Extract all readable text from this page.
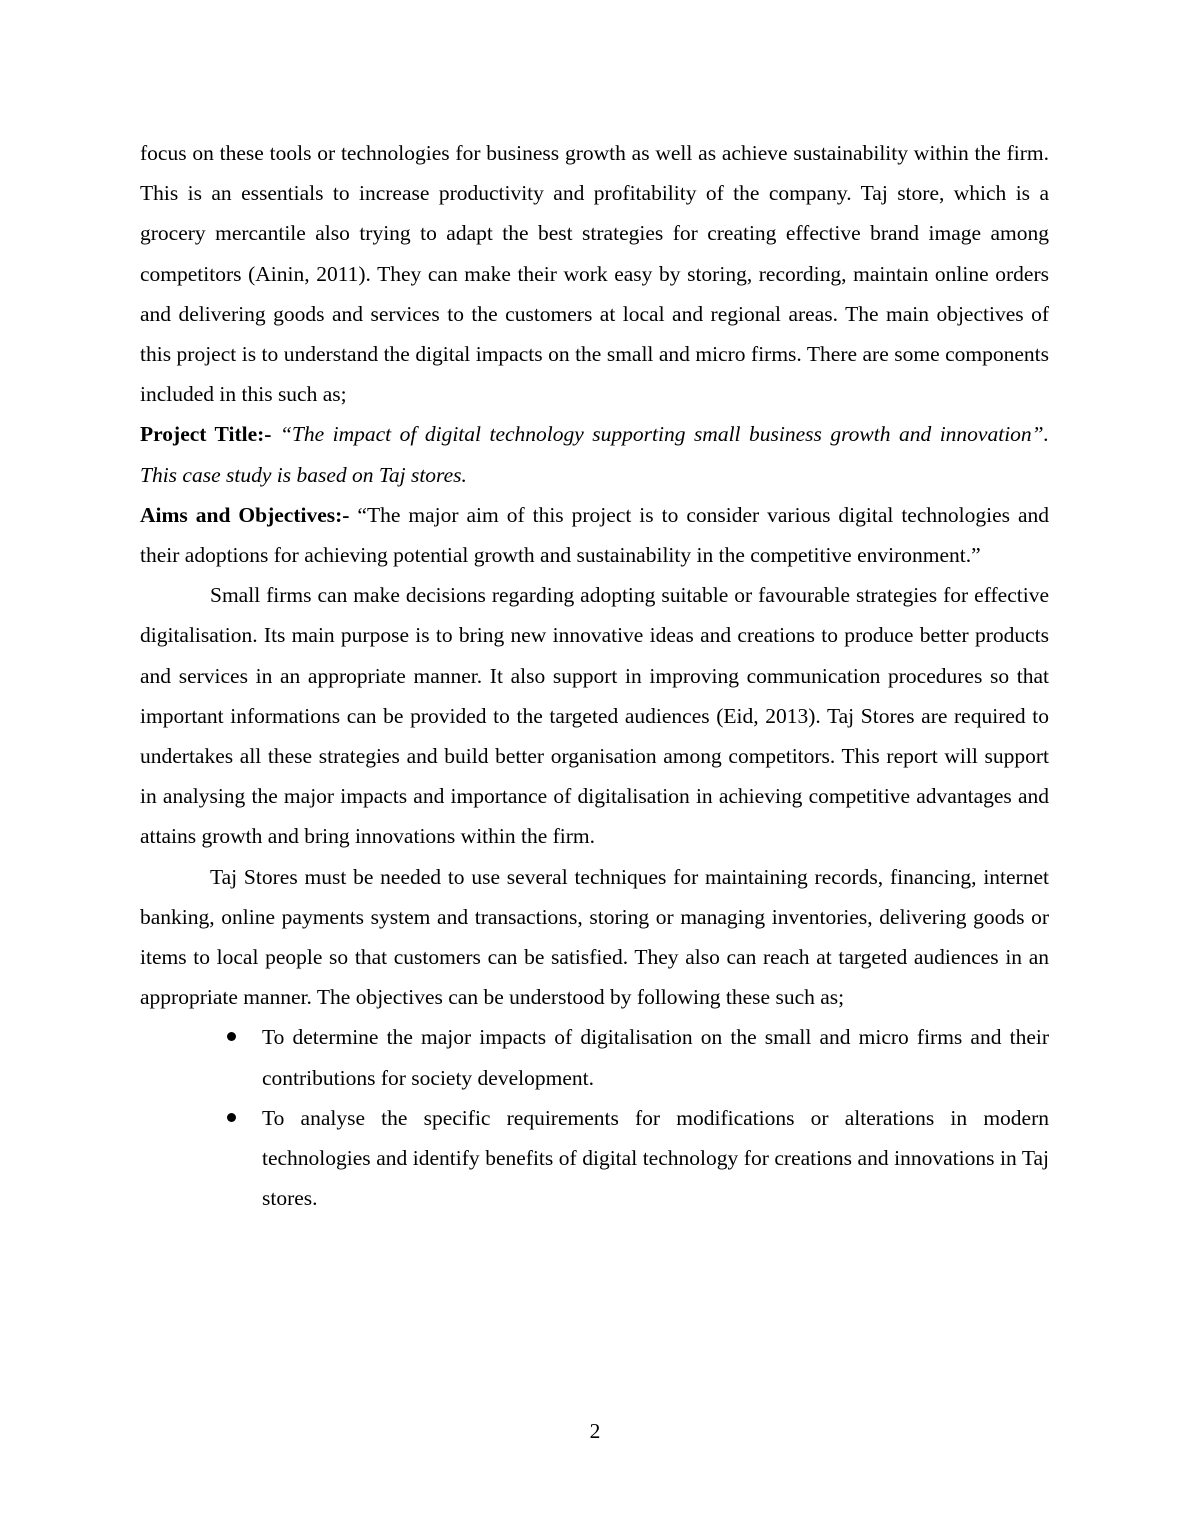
focus on these tools or technologies for business growth as well as achieve sustainability within the firm. This is an essentials to increase productivity and profitability of the company. Taj store, which is a grocery mercantile also trying to adapt the best strategies for creating effective brand image among competitors (Ainin, 2011). They can make their work easy by storing, recording, maintain online orders and delivering goods and services to the customers at local and regional areas. The main objectives of this project is to understand the digital impacts on the small and micro firms. There are some components included in this such as;

Project Title:- “The impact of digital technology supporting small business growth and innovation”. This case study is based on Taj stores.

Aims and Objectives:- “The major aim of this project is to consider various digital technologies and their adoptions for achieving potential growth and sustainability in the competitive environment.”

Small firms can make decisions regarding adopting suitable or favourable strategies for effective digitalisation. Its main purpose is to bring new innovative ideas and creations to produce better products and services in an appropriate manner. It also support in improving communication procedures so that important informations can be provided to the targeted audiences (Eid, 2013). Taj Stores are required to undertakes all these strategies and build better organisation among competitors. This report will support in analysing the major impacts and importance of digitalisation in achieving competitive advantages and attains growth and bring innovations within the firm.

Taj Stores must be needed to use several techniques for maintaining records, financing, internet banking, online payments system and transactions, storing or managing inventories, delivering goods or items to local people so that customers can be satisfied. They also can reach at targeted audiences in an appropriate manner. The objectives can be understood by following these such as;

To determine the major impacts of digitalisation on the small and micro firms and their contributions for society development.
To analyse the specific requirements for modifications or alterations in modern technologies and identify benefits of digital technology for creations and innovations in Taj stores.
2
